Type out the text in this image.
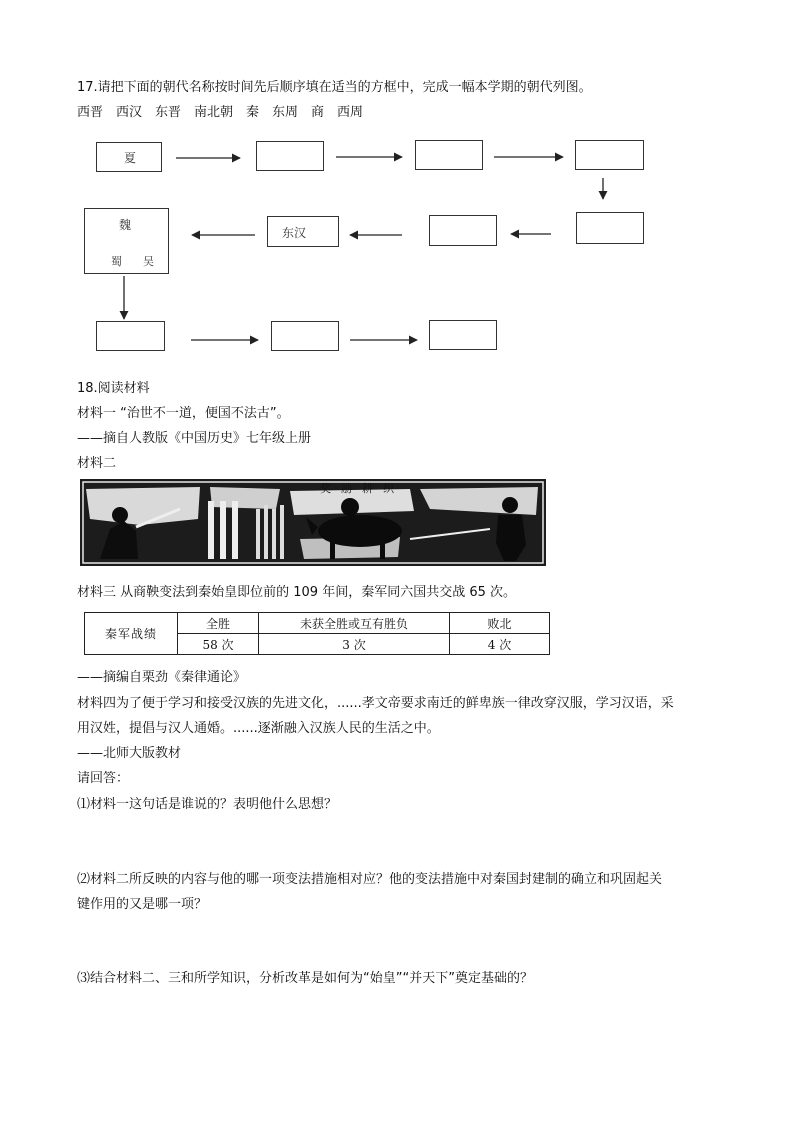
17.请把下面的朝代名称按时间先后顺序填在适当的方框中，完成一幅本学期的朝代列图。
西晋　西汉　东晋　南北朝　秦　东周　商　西周
夏
东汉
魏
蜀 吴
18.阅读材料
材料一 “治世不一道，便国不法古”。
——摘自人教版《中国历史》七年级上册
材料二
奖励耕织
材料三 从商鞅变法到秦始皇即位前的 109 年间，秦军同六国共交战 65 次。
秦军战绩	全胜	未获全胜或互有胜负	败北
	58 次	3 次	4 次
——摘编自栗劲《秦律通论》
材料四为了便于学习和接受汉族的先进文化，......孝文帝要求南迁的鲜卑族一律改穿汉服，学习汉语，采
用汉姓，提倡与汉人通婚。......逐渐融入汉族人民的生活之中。
——北师大版教材
请回答：
⑴材料一这句话是谁说的？表明他什么思想？
⑵材料二所反映的内容与他的哪一项变法措施相对应？他的变法措施中对秦国封建制的确立和巩固起关
键作用的又是哪一项？
⑶结合材料二、三和所学知识，分析改革是如何为“始皇”“并天下”奠定基础的？
